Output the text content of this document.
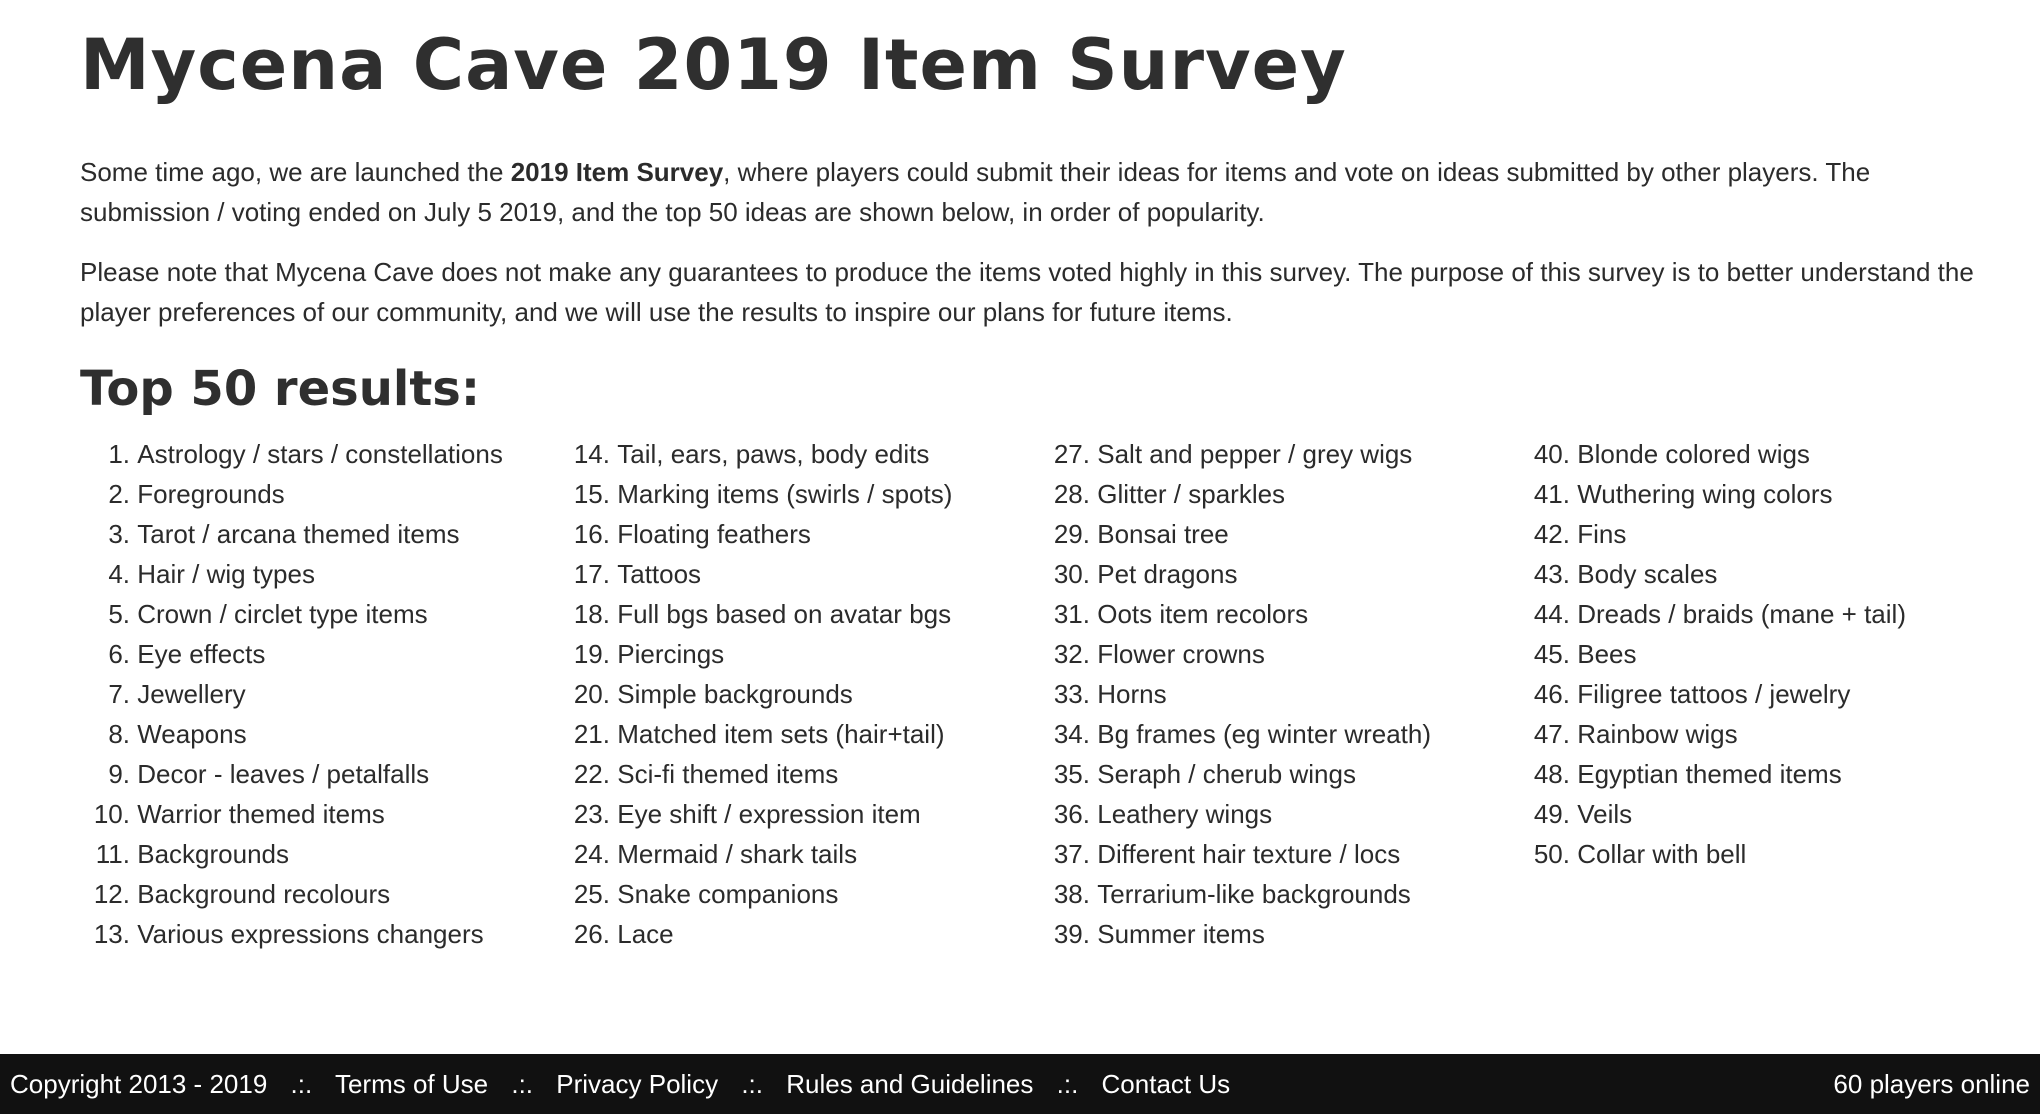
Mycena Cave 2019 Item Survey

Some time ago, we are launched the 2019 Item Survey, where players could submit their ideas for items and vote on ideas submitted by other players. The submission / voting ended on July 5 2019, and the top 50 ideas are shown below, in order of popularity.

Please note that Mycena Cave does not make any guarantees to produce the items voted highly in this survey. The purpose of this survey is to better understand the player preferences of our community, and we will use the results to inspire our plans for future items.

Top 50 results:
1. Astrology / stars / constellations
2. Foregrounds
3. Tarot / arcana themed items
4. Hair / wig types
5. Crown / circlet type items
6. Eye effects
7. Jewellery
8. Weapons
9. Decor - leaves / petalfalls
10. Warrior themed items
11. Backgrounds
12. Background recolours
13. Various expressions changers
14. Tail, ears, paws, body edits
15. Marking items (swirls / spots)
16. Floating feathers
17. Tattoos
18. Full bgs based on avatar bgs
19. Piercings
20. Simple backgrounds
21. Matched item sets (hair+tail)
22. Sci-fi themed items
23. Eye shift / expression item
24. Mermaid / shark tails
25. Snake companions
26. Lace
27. Salt and pepper / grey wigs
28. Glitter / sparkles
29. Bonsai tree
30. Pet dragons
31. Oots item recolors
32. Flower crowns
33. Horns
34. Bg frames (eg winter wreath)
35. Seraph / cherub wings
36. Leathery wings
37. Different hair texture / locs
38. Terrarium-like backgrounds
39. Summer items
40. Blonde colored wigs
41. Wuthering wing colors
42. Fins
43. Body scales
44. Dreads / braids (mane + tail)
45. Bees
46. Filigree tattoos / jewelry
47. Rainbow wigs
48. Egyptian themed items
49. Veils
50. Collar with bell
Copyright 2013 - 2019 .:. Terms of Use .:. Privacy Policy .:. Rules and Guidelines .:. Contact Us	60 players online
